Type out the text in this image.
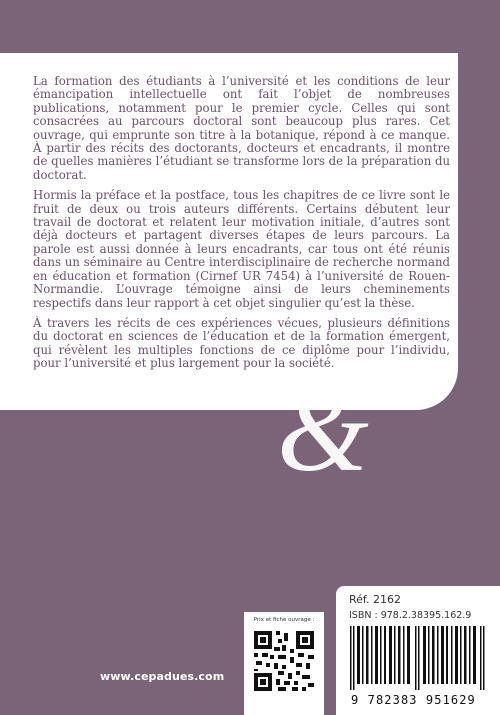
La formation des étudiants à l’université et les conditions de leur émancipation intellectuelle ont fait l’objet de nombreuses publications, notamment pour le premier cycle. Celles qui sont consacrées au parcours doctoral sont beaucoup plus rares. Cet ouvrage, qui emprunte son titre à la botanique, répond à ce manque. À partir des récits des doctorants, docteurs et encadrants, il montre de quelles manières l’étudiant se transforme lors de la préparation du doctorat.

Hormis la préface et la postface, tous les chapitres de ce livre sont le fruit de deux ou trois auteurs différents. Certains débutent leur travail de doctorat et relatent leur motivation initiale, d’autres sont déjà docteurs et partagent diverses étapes de leurs parcours. La parole est aussi donnée à leurs encadrants, car tous ont été réunis dans un séminaire au Centre interdisciplinaire de recherche normand en éducation et formation (Cirnef UR 7454) à l’université de Rouen-Normandie. L’ouvrage témoigne ainsi de leurs cheminements respectifs dans leur rapport à cet objet singulier qu’est la thèse.

À travers les récits de ces expériences vécues, plusieurs définitions du doctorat en sciences de l’éducation et de la formation émergent, qui révèlent les multiples fonctions de ce diplôme pour l’individu, pour l’université et plus largement pour la société.

&
www.cepadues.com
Prix et fiche ouvrage :
Réf. 2162
ISBN : 978.2.38395.162.9
9 782383 951629
